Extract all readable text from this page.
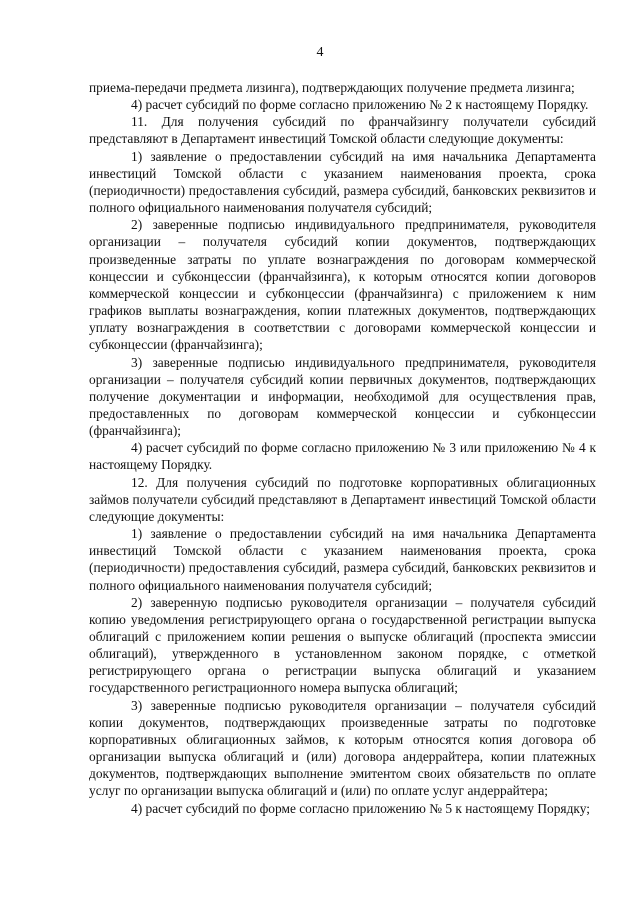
4

приема-передачи предмета лизинга), подтверждающих получение предмета лизинга;

4) расчет субсидий по форме согласно приложению № 2 к настоящему Порядку.

11. Для получения субсидий по франчайзингу получатели субсидий представляют в Департамент инвестиций Томской области следующие документы:

1) заявление о предоставлении субсидий на имя начальника Департамента инвестиций Томской области с указанием наименования проекта, срока (периодичности) предоставления субсидий, размера субсидий, банковских реквизитов и полного официального наименования получателя субсидий;

2) заверенные подписью индивидуального предпринимателя, руководителя организации – получателя субсидий копии документов, подтверждающих произведенные затраты по уплате вознаграждения по договорам коммерческой концессии и субконцессии (франчайзинга), к которым относятся копии договоров коммерческой концессии и субконцессии (франчайзинга) с приложением к ним графиков выплаты вознаграждения, копии платежных документов, подтверждающих уплату вознаграждения в соответствии с договорами коммерческой концессии и субконцессии (франчайзинга);

3) заверенные подписью индивидуального предпринимателя, руководителя организации – получателя субсидий копии первичных документов, подтверждающих получение документации и информации, необходимой для осуществления прав, предоставленных по договорам коммерческой концессии и субконцессии (франчайзинга);

4) расчет субсидий по форме согласно приложению № 3 или приложению № 4 к настоящему Порядку.

12. Для получения субсидий по подготовке корпоративных облигационных займов получатели субсидий представляют в Департамент инвестиций Томской области следующие документы:

1) заявление о предоставлении субсидий на имя начальника Департамента инвестиций Томской области с указанием наименования проекта, срока (периодичности) предоставления субсидий, размера субсидий, банковских реквизитов и полного официального наименования получателя субсидий;

2) заверенную подписью руководителя организации – получателя субсидий копию уведомления регистрирующего органа о государственной регистрации выпуска облигаций с приложением копии решения о выпуске облигаций (проспекта эмиссии облигаций), утвержденного в установленном законом порядке, с отметкой регистрирующего органа о регистрации выпуска облигаций и указанием государственного регистрационного номера выпуска облигаций;

3) заверенные подписью руководителя организации – получателя субсидий копии документов, подтверждающих произведенные затраты по подготовке корпоративных облигационных займов, к которым относятся копия договора об организации выпуска облигаций и (или) договора андеррайтера, копии платежных документов, подтверждающих выполнение эмитентом своих обязательств по оплате услуг по организации выпуска облигаций и (или) по оплате услуг андеррайтера;

4) расчет субсидий по форме согласно приложению № 5 к настоящему Порядку;
